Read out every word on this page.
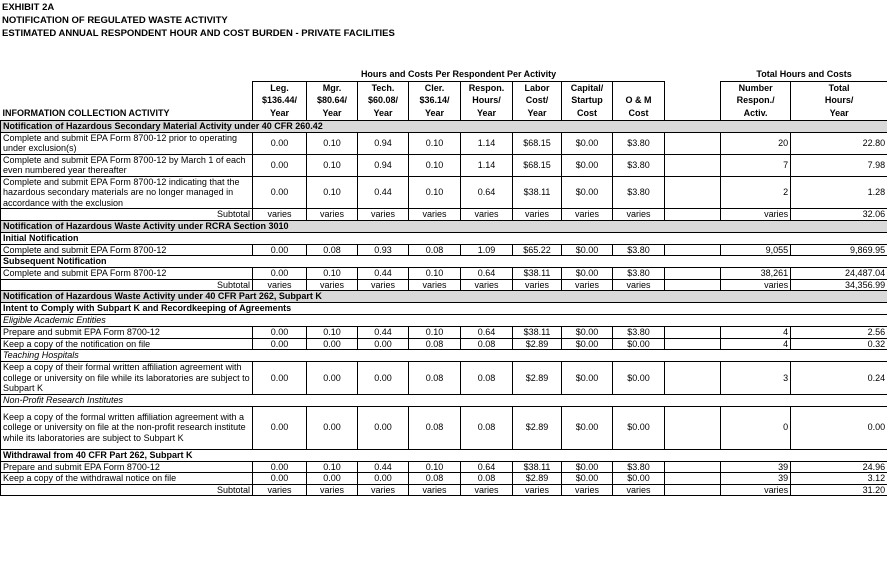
EXHIBIT 2A
NOTIFICATION OF REGULATED WASTE ACTIVITY
ESTIMATED ANNUAL RESPONDENT HOUR AND COST BURDEN - PRIVATE FACILITIES
	Hours and Costs Per Respondent Per Activity									Total Hours and Costs		
	Leg.	Mgr.	Tech.	Cler.	Respon.	Labor	Capital/			Number	Total	
	$136.44/	$80.64/	$60.08/	$36.14/	Hours/	Cost/	Startup	O & M		Respon./	Hours/	
INFORMATION COLLECTION ACTIVITY	Year	Year	Year	Year	Year	Year	Cost	Cost		Activ.	Year	
Notification of Hazardous Secondary Material Activity under 40 CFR 260.42												
Complete and submit EPA Form 8700-12 prior to operating under exclusion(s)	0.00	0.10	0.94	0.10	1.14	$68.15	$0.00	$3.80		20	22.80	
Complete and submit EPA Form 8700-12 by March 1 of each even numbered year thereafter	0.00	0.10	0.94	0.10	1.14	$68.15	$0.00	$3.80		7	7.98	
Complete and submit EPA Form 8700-12 indicating that the hazardous secondary materials are no longer managed in accordance with the exclusion	0.00	0.10	0.44	0.10	0.64	$38.11	$0.00	$3.80		2	1.28	
Subtotal	varies	varies	varies	varies	varies	varies	varies	varies		varies	32.06	
Notification of Hazardous Waste Activity under RCRA Section 3010												
Initial Notification												
Complete and submit EPA Form 8700-12	0.00	0.08	0.93	0.08	1.09	$65.22	$0.00	$3.80		9,055	9,869.95	
Subsequent Notification												
Complete and submit EPA Form 8700-12	0.00	0.10	0.44	0.10	0.64	$38.11	$0.00	$3.80		38,261	24,487.04	
Subtotal	varies	varies	varies	varies	varies	varies	varies	varies		varies	34,356.99	
Notification of Hazardous Waste Activity under 40 CFR Part 262, Subpart K												
Intent to Comply with Subpart K and Recordkeeping of Agreements												
Eligible Academic Entities												
Prepare and submit EPA Form 8700-12	0.00	0.10	0.44	0.10	0.64	$38.11	$0.00	$3.80		4	2.56	
Keep a copy of the notification on file	0.00	0.00	0.00	0.08	0.08	$2.89	$0.00	$0.00		4	0.32	
Teaching Hospitals												
Keep a copy of their formal written affiliation agreement with college or university on file while its laboratories are subject to Subpart K	0.00	0.00	0.00	0.08	0.08	$2.89	$0.00	$0.00		3	0.24	
Non-Profit Research Institutes												
Keep a copy of the formal written affiliation agreement with a college or university on file at the non-profit research institute while its laboratories are subject to Subpart K	0.00	0.00	0.00	0.08	0.08	$2.89	$0.00	$0.00		0	0.00	
Withdrawal from 40 CFR Part 262, Subpart K												
Prepare and submit EPA Form 8700-12	0.00	0.10	0.44	0.10	0.64	$38.11	$0.00	$3.80		39	24.96	
Keep a copy of the withdrawal notice on file	0.00	0.00	0.00	0.08	0.08	$2.89	$0.00	$0.00		39	3.12	
Subtotal	varies	varies	varies	varies	varies	varies	varies	varies		varies	31.20	
